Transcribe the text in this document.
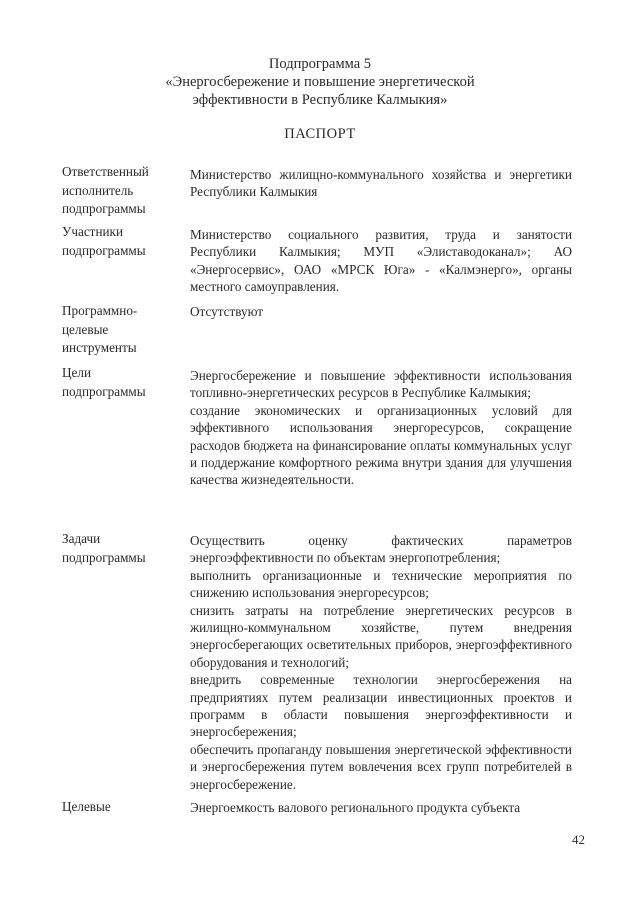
Подпрограмма 5
«Энергосбережение и повышение энергетической
эффективности в Республике Калмыкия»
ПАСПОРТ
Ответственный
исполнитель
подпрограммы
Министерство жилищно-коммунального хозяйства и энергетики Республики Калмыкия
Участники
подпрограммы
Министерство социального развития, труда и занятости Республики Калмыкия; МУП «Элиставодоканал»; АО «Энергосервис», ОАО «МРСК Юга» - «Калмэнерго», органы местного самоуправления.
Программно-
целевые
инструменты
Отсутствуют
Цели
подпрограммы
Энергосбережение и повышение эффективности использования топливно-энергетических ресурсов в Республике Калмыкия;
создание экономических и организационных условий для эффективного использования энергоресурсов, сокращение расходов бюджета на финансирование оплаты коммунальных услуг и поддержание комфортного режима внутри здания для улучшения качества жизнедеятельности.
Задачи
подпрограммы
Осуществить оценку фактических параметров энергоэффективности по объектам энергопотребления;
выполнить организационные и технические мероприятия по снижению использования энергоресурсов;
снизить затраты на потребление энергетических ресурсов в жилищно-коммунальном хозяйстве, путем внедрения энергосберегающих осветительных приборов, энергоэффективного оборудования и технологий;
внедрить современные технологии энергосбережения на предприятиях путем реализации инвестиционных проектов и программ в области повышения энергоэффективности и энергосбережения;
обеспечить пропаганду повышения энергетической эффективности и энергосбережения путем вовлечения всех групп потребителей в энергосбережение.
Целевые	Энергоемкость валового регионального продукта субъекта
42
